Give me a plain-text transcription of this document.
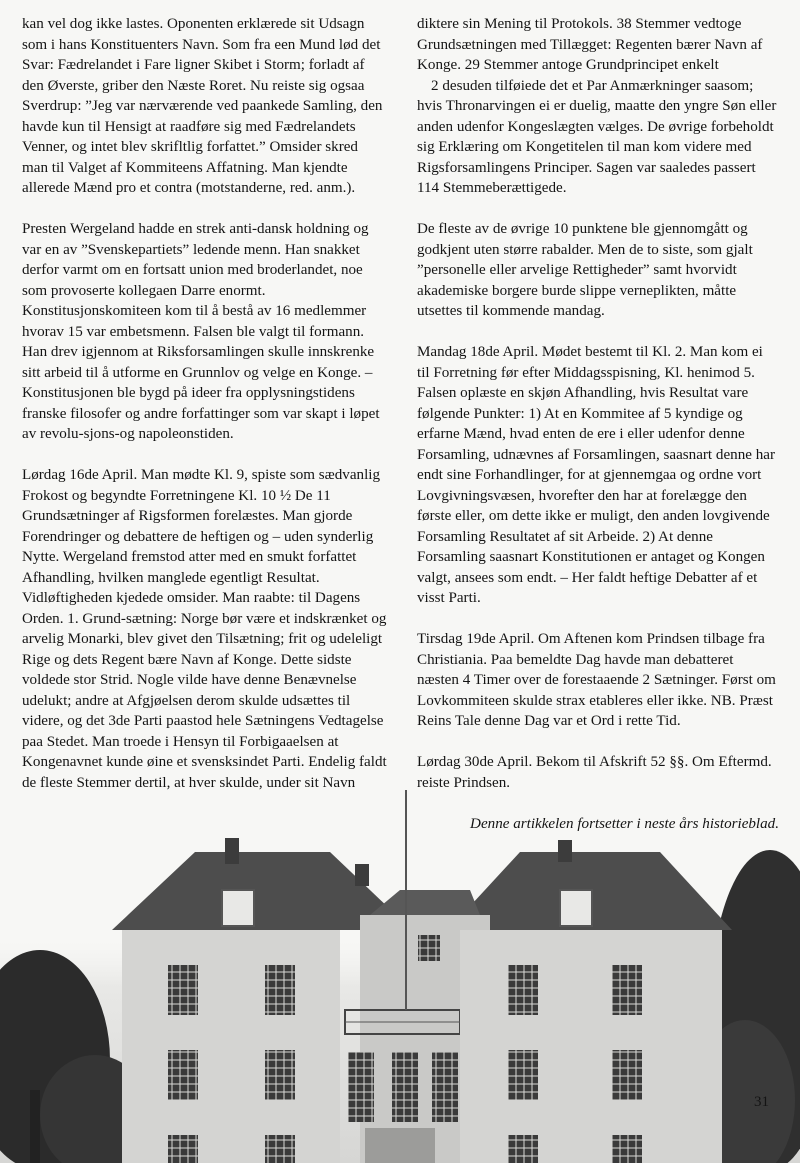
kan vel dog ikke lastes. Oponenten erklærede sit Udsagn som i hans Konstituenters Navn. Som fra een Mund lød det Svar: Fædrelandet i Fare ligner Skibet i Storm; forladt af den Øverste, griber den Næste Roret. Nu reiste sig ogsaa Sverdrup: ”Jeg var nærværende ved paankede Samling, den havde kun til Hensigt at raadføre sig med Fædrelandets Venner, og intet blev skrifltlig forfattet.” Omsider skred man til Valget af Kommiteens Affatning. Man kjendte allerede Mænd pro et contra (motstanderne, red. anm.).

Presten Wergeland hadde en strek anti-dansk holdning og var en av ”Svenskepartiets” ledende menn. Han snakket derfor varmt om en fortsatt union med broderlandet, noe som provoserte kollegaen Darre enormt. Konstitusjonskomiteen kom til å bestå av 16 medlemmer hvorav 15 var embetsmenn. Falsen ble valgt til formann. Han drev igjennom at Riksforsamlingen skulle innskrenke sitt arbeid til å utforme en Grunnlov og velge en Konge. – Konstitusjonen ble bygd på ideer fra opplysningstidens franske filosofer og andre forfattinger som var skapt i løpet av revolu-sjons-og napoleonstiden.

Lørdag 16de April. Man mødte Kl. 9, spiste som sædvanlig Frokost og begyndte Forretningene Kl. 10 ½ De 11 Grundsætninger af Rigsformen forelæstes. Man gjorde Forendringer og debattere de heftigen og – uden synderlig Nytte. Wergeland fremstod atter med en smukt forfattet Afhandling, hvilken manglede egentligt Resultat. Vidløftigheden kjedede omsider. Man raabte: til Dagens Orden. 1. Grund-sætning: Norge bør være et indskrænket og arvelig Monarki, blev givet den Tilsætning; frit og udeleligt Rige og dets Regent bære Navn af Konge. Dette sidste voldede stor Strid. Nogle vilde have denne Benævnelse udelukt; andre at Afgjøelsen derom skulde udsættes til videre, og det 3de Parti paastod hele Sætningens Vedtagelse paa Stedet. Man troede i Hensyn til Forbigaaelsen at Kongenavnet kunde øine et svensksindet Parti. Endelig faldt de fleste Stemmer dertil, at hver skulde, under sit Navn

diktere sin Mening til Protokols. 38 Stemmer vedtoge Grundsætningen med Tillægget: Regenten bærer Navn af Konge. 29 Stemmer antoge Grundprincipet enkelt

2 desuden tilføiede det et Par Anmærkninger saasom; hvis Thronarvingen ei er duelig, maatte den yngre Søn eller anden udenfor Kongeslægten vælges. De øvrige forbeholdt sig Erklæring om Kongetitelen til man kom videre med Rigsforsamlingens Principer. Sagen var saaledes passert 114 Stemmeberættigede.

De fleste av de øvrige 10 punktene ble gjennomgått og godkjent uten større rabalder. Men de to siste, som gjalt ”personelle eller arvelige Rettigheder” samt hvorvidt akademiske borgere burde slippe verneplikten, måtte utsettes til kommende mandag.

Mandag 18de April. Mødet bestemt til Kl. 2. Man kom ei til Forretning før efter Middagsspisning, Kl. henimod 5. Falsen oplæste en skjøn Afhandling, hvis Resultat vare følgende Punkter: 1) At en Kommitee af 5 kyndige og erfarne Mænd, hvad enten de ere i eller udenfor denne Forsamling, udnævnes af Forsamlingen, saasnart denne har endt sine Forhandlinger, for at gjennemgaa og ordne vort Lovgivningsvæsen, hvorefter den har at forelægge den første eller, om dette ikke er muligt, den anden lovgivende Forsamling Resultatet af sit Arbeide. 2) At denne Forsamling saasnart Konstitutionen er antaget og Kongen valgt, ansees som endt. – Her faldt heftige Debatter af et visst Parti.

Tirsdag 19de April. Om Aftenen kom Prindsen tilbage fra Christiania. Paa bemeldte Dag havde man debatteret næsten 4 Timer over de forestaaende 2 Sætninger. Først om Lovkommiteen skulde strax etableres eller ikke. NB. Præst Reins Tale denne Dag var et Ord i rette Tid.

Lørdag 30de April. Bekom til Afskrift 52 §§. Om Eftermd. reiste Prindsen.

Denne artikkelen fortsetter i neste års historieblad.

31
